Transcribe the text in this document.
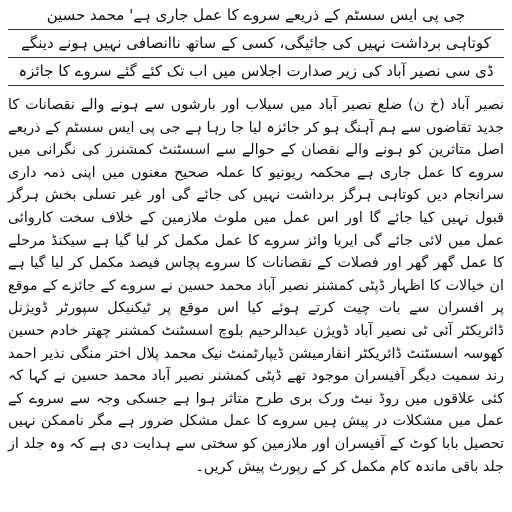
جی پی ایس سسٹم کے ذریعے سروے کا عمل جاری ہے' محمد حسین
کوتاہی برداشت نہیں کی جائیگی، کسی کے ساتھ ناانصافی نہیں ہونے دینگے
ڈی سی نصیر آباد کی زیر صدارت اجلاس میں اب تک کئے گئے سروے کا جائزہ
نصیر آباد (خ ن) ضلع نصیر آباد میں سیلاب اور بارشوں سے ہونے والے نقصانات کا جدید تقاضوں سے ہم آہنگ ہو کر جائزہ لیا جا رہا ہے جی پی ایس سسٹم کے ذریعے اصل متاثرین کو ہونے والے نقصان کے حوالے سے اسسٹنٹ کمشنرز کی نگرانی میں سروے کا عمل جاری ہے محکمہ ریونیو کا عملہ صحیح معنوں میں اپنی ذمہ داری سرانجام دیں کوتاہی ہرگز برداشت نہیں کی جائے گی اور غیر تسلی بخش ہرگز قبول نہیں کیا جائے گا اور اس عمل میں ملوث ملازمین کے خلاف سخت کاروائی عمل میں لائی جائے گی ایریا وائز سروے کا عمل مکمل کر لیا گیا ہے سیکنڈ مرحلے کا عمل گھر گھر اور فصلات کے نقصانات کا سروے پچاس فیصد مکمل کر لیا گیا ہے ان خیالات کا اظہار ڈپٹی کمشنر نصیر آباد محمد حسین نے سروے کے جائزے کے موقع پر افسران سے بات چیت کرتے ہوئے کیا اس موقع پر ٹیکنیکل سپورٹر ڈویژنل ڈائریکٹر آئی ٹی نصیر آباد ڈویژن عبدالرحیم بلوچ اسسٹنٹ کمشنر چھتر خادم حسین کھوسہ اسسٹنٹ ڈائریکٹر انفارمیشن ڈیپارٹمنٹ نیک محمد پلال اختر منگی نذیر احمد رند سمیت دیگر آفیسران موجود تھے ڈپٹی کمشنر نصیر آباد محمد حسین نے کہا کہ کئی علاقوں میں روڈ نیٹ ورک بری طرح متاثر ہوا ہے جسکی وجہ سے سروے کے عمل میں مشکلات در پیش ہیں سروے کا عمل مشکل ضرور ہے مگر ناممکن نہیں تحصیل بابا کوٹ کے آفیسران اور ملازمین کو سختی سے ہدایت دی ہے کہ وہ جلد از جلد باقی ماندہ کام مکمل کر کے رپورٹ پیش کریں۔
